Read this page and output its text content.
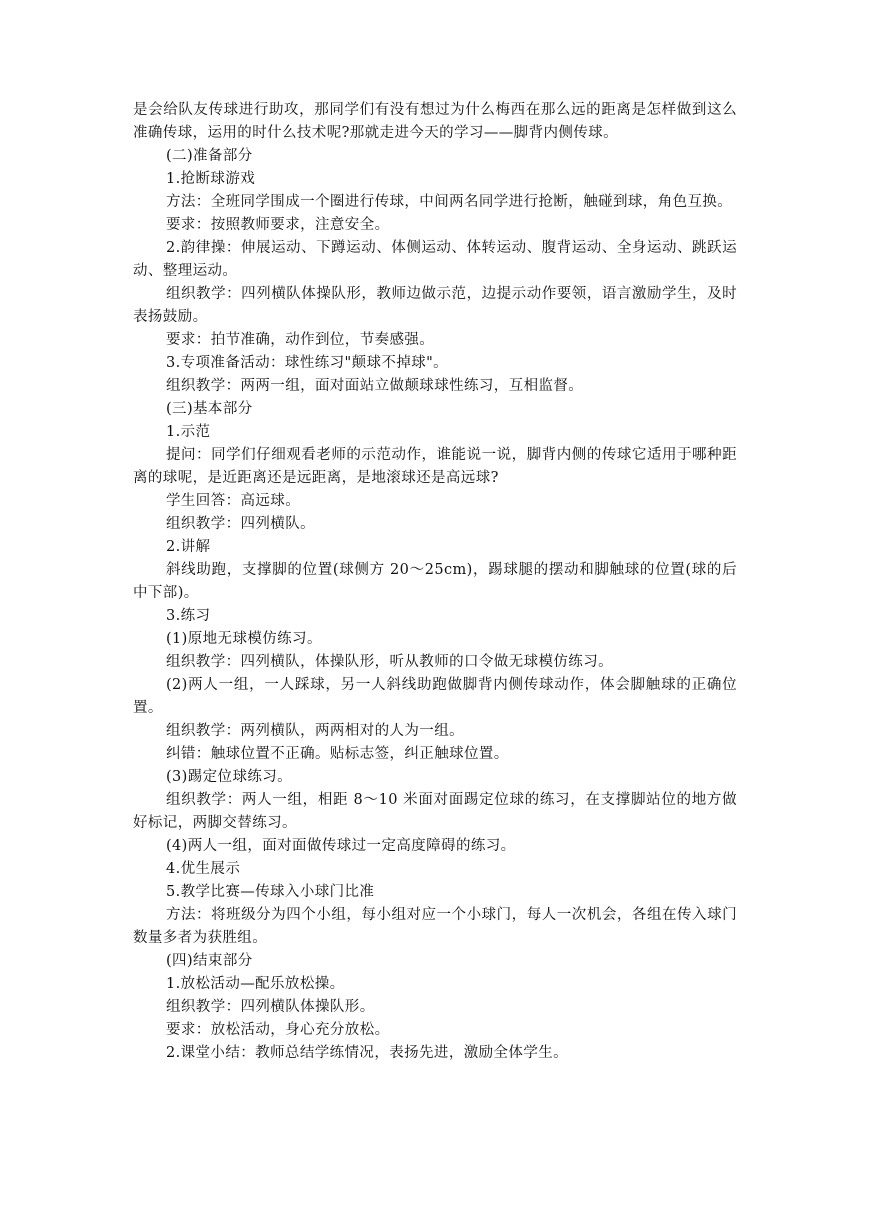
是会给队友传球进行助攻，那同学们有没有想过为什么梅西在那么远的距离是怎样做到这么准确传球，运用的时什么技术呢?那就走进今天的学习——脚背内侧传球。

(二)准备部分

1.抢断球游戏

方法：全班同学围成一个圈进行传球，中间两名同学进行抢断，触碰到球，角色互换。

要求：按照教师要求，注意安全。

2.韵律操：伸展运动、下蹲运动、体侧运动、体转运动、腹背运动、全身运动、跳跃运动、整理运动。

组织教学：四列横队体操队形，教师边做示范，边提示动作要领，语言激励学生，及时表扬鼓励。

要求：拍节准确，动作到位，节奏感强。

3.专项准备活动：球性练习"颠球不掉球"。

组织教学：两两一组，面对面站立做颠球球性练习，互相监督。

(三)基本部分

1.示范

提问：同学们仔细观看老师的示范动作，谁能说一说，脚背内侧的传球它适用于哪种距离的球呢，是近距离还是远距离，是地滚球还是高远球?

学生回答：高远球。

组织教学：四列横队。

2.讲解

斜线助跑，支撑脚的位置(球侧方 20～25cm)，踢球腿的摆动和脚触球的位置(球的后中下部)。

3.练习

(1)原地无球模仿练习。

组织教学：四列横队，体操队形，听从教师的口令做无球模仿练习。

(2)两人一组，一人踩球，另一人斜线助跑做脚背内侧传球动作，体会脚触球的正确位置。

组织教学：两列横队，两两相对的人为一组。

纠错：触球位置不正确。贴标志签，纠正触球位置。

(3)踢定位球练习。

组织教学：两人一组，相距 8～10 米面对面踢定位球的练习，在支撑脚站位的地方做好标记，两脚交替练习。

(4)两人一组，面对面做传球过一定高度障碍的练习。

4.优生展示

5.教学比赛—传球入小球门比准

方法：将班级分为四个小组，每小组对应一个小球门，每人一次机会，各组在传入球门数量多者为获胜组。

(四)结束部分

1.放松活动—配乐放松操。

组织教学：四列横队体操队形。

要求：放松活动，身心充分放松。

2.课堂小结：教师总结学练情况，表扬先进，激励全体学生。
